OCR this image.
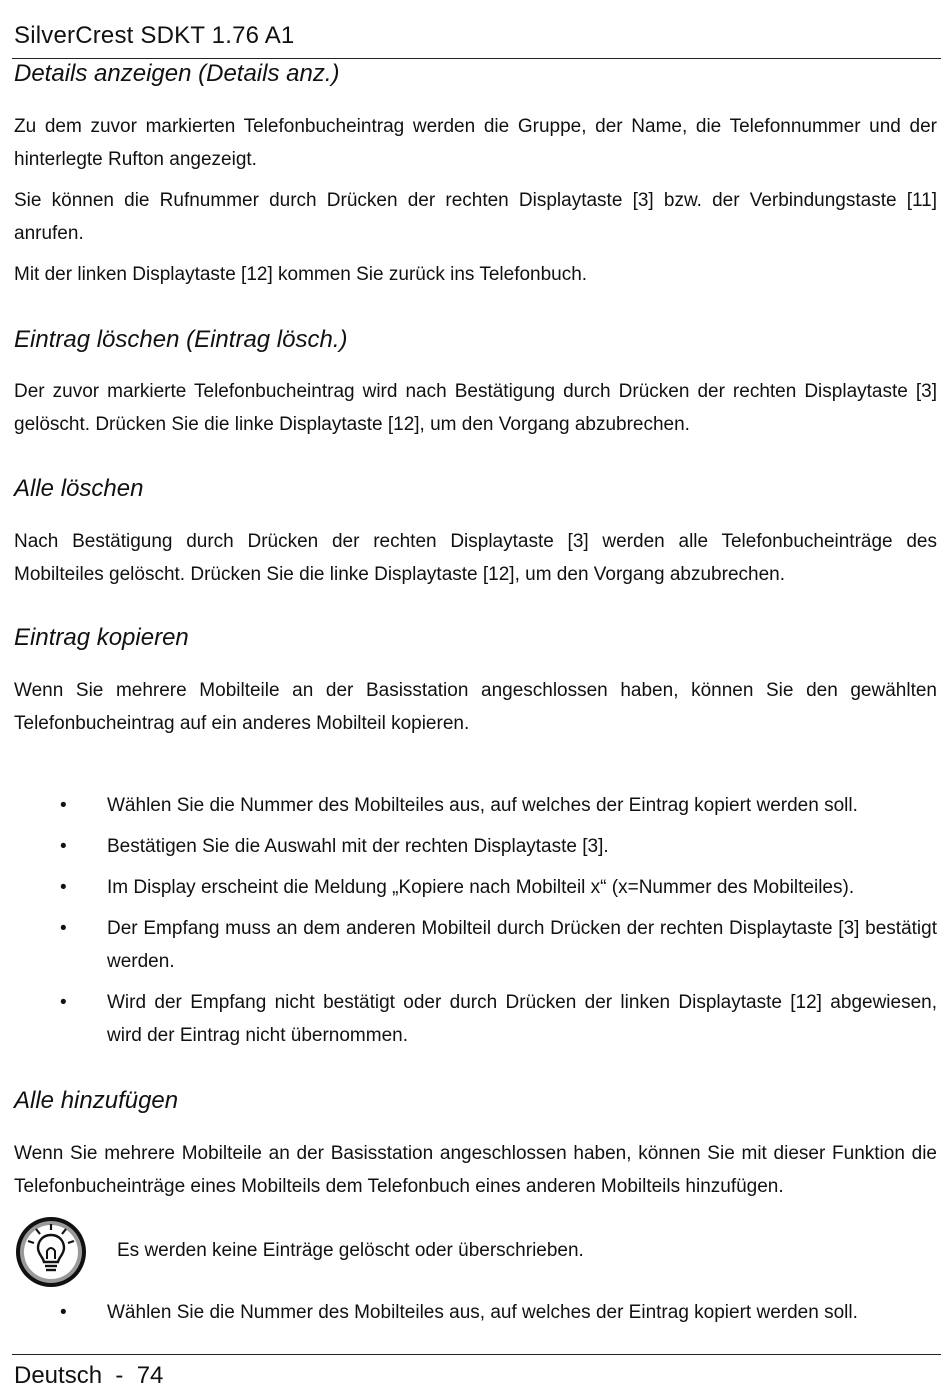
SilverCrest SDKT 1.76 A1
Details anzeigen (Details anz.)

Zu dem zuvor markierten Telefonbucheintrag werden die Gruppe, der Name, die Telefonnummer und der hinterlegte Rufton angezeigt.

Sie können die Rufnummer durch Drücken der rechten Displaytaste [3] bzw. der Verbindungstaste [11] anrufen.

Mit der linken Displaytaste [12] kommen Sie zurück ins Telefonbuch.

Eintrag löschen (Eintrag lösch.)

Der zuvor markierte Telefonbucheintrag wird nach Bestätigung durch Drücken der rechten Displaytaste [3] gelöscht. Drücken Sie die linke Displaytaste [12], um den Vorgang abzubrechen.

Alle löschen

Nach Bestätigung durch Drücken der rechten Displaytaste [3] werden alle Telefonbucheinträge des Mobilteiles gelöscht. Drücken Sie die linke Displaytaste [12], um den Vorgang abzubrechen.

Eintrag kopieren

Wenn Sie mehrere Mobilteile an der Basisstation angeschlossen haben, können Sie den gewählten Telefonbucheintrag auf ein anderes Mobilteil kopieren.

• Wählen Sie die Nummer des Mobilteiles aus, auf welches der Eintrag kopiert werden soll.
• Bestätigen Sie die Auswahl mit der rechten Displaytaste [3].
• Im Display erscheint die Meldung „Kopiere nach Mobilteil x“ (x=Nummer des Mobilteiles).
• Der Empfang muss an dem anderen Mobilteil durch Drücken der rechten Displaytaste [3] bestätigt werden.
• Wird der Empfang nicht bestätigt oder durch Drücken der linken Displaytaste [12] abgewiesen, wird der Eintrag nicht übernommen.
Alle hinzufügen

Wenn Sie mehrere Mobilteile an der Basisstation angeschlossen haben, können Sie mit dieser Funktion die Telefonbucheinträge eines Mobilteils dem Telefonbuch eines anderen Mobilteils hinzufügen.

Es werden keine Einträge gelöscht oder überschrieben.
• Wählen Sie die Nummer des Mobilteiles aus, auf welches der Eintrag kopiert werden soll.
Deutsch  -  74
